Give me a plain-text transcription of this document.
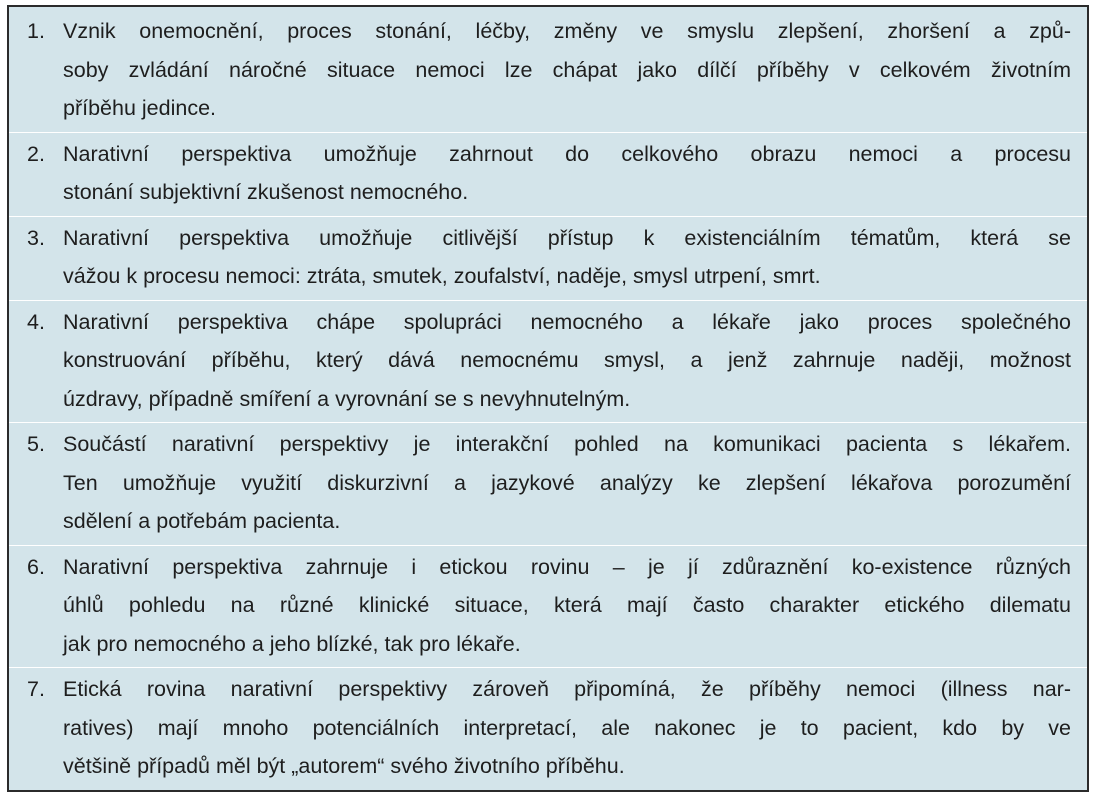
1. Vznik onemocnění, proces stonání, léčby, změny ve smyslu zlepšení, zhoršení a způ-
soby zvládání náročné situace nemoci lze chápat jako dílčí příběhy v celkovém životním
příběhu jedince.
2. Narativní perspektiva umožňuje zahrnout do celkového obrazu nemoci a procesu
stonání subjektivní zkušenost nemocného.
3. Narativní perspektiva umožňuje citlivější přístup k existenciálním tématům, která se
vážou k procesu nemoci: ztráta, smutek, zoufalství, naděje, smysl utrpení, smrt.
4. Narativní perspektiva chápe spolupráci nemocného a lékaře jako proces společného
konstruování příběhu, který dává nemocnému smysl, a jenž zahrnuje naději, možnost
úzdravy, případně smíření a vyrovnání se s nevyhnutelným.
5. Součástí narativní perspektivy je interakční pohled na komunikaci pacienta s lékařem.
Ten umožňuje využití diskurzivní a jazykové analýzy ke zlepšení lékařova porozumění
sdělení a potřebám pacienta.
6. Narativní perspektiva zahrnuje i etickou rovinu – je jí zdůraznění ko-existence různých
úhlů pohledu na různé klinické situace, která mají často charakter etického dilematu
jak pro nemocného a jeho blízké, tak pro lékaře.
7. Etická rovina narativní perspektivy zároveň připomíná, že příběhy nemoci (illness nar-
ratives) mají mnoho potenciálních interpretací, ale nakonec je to pacient, kdo by ve
většině případů měl být „autorem“ svého životního příběhu.
